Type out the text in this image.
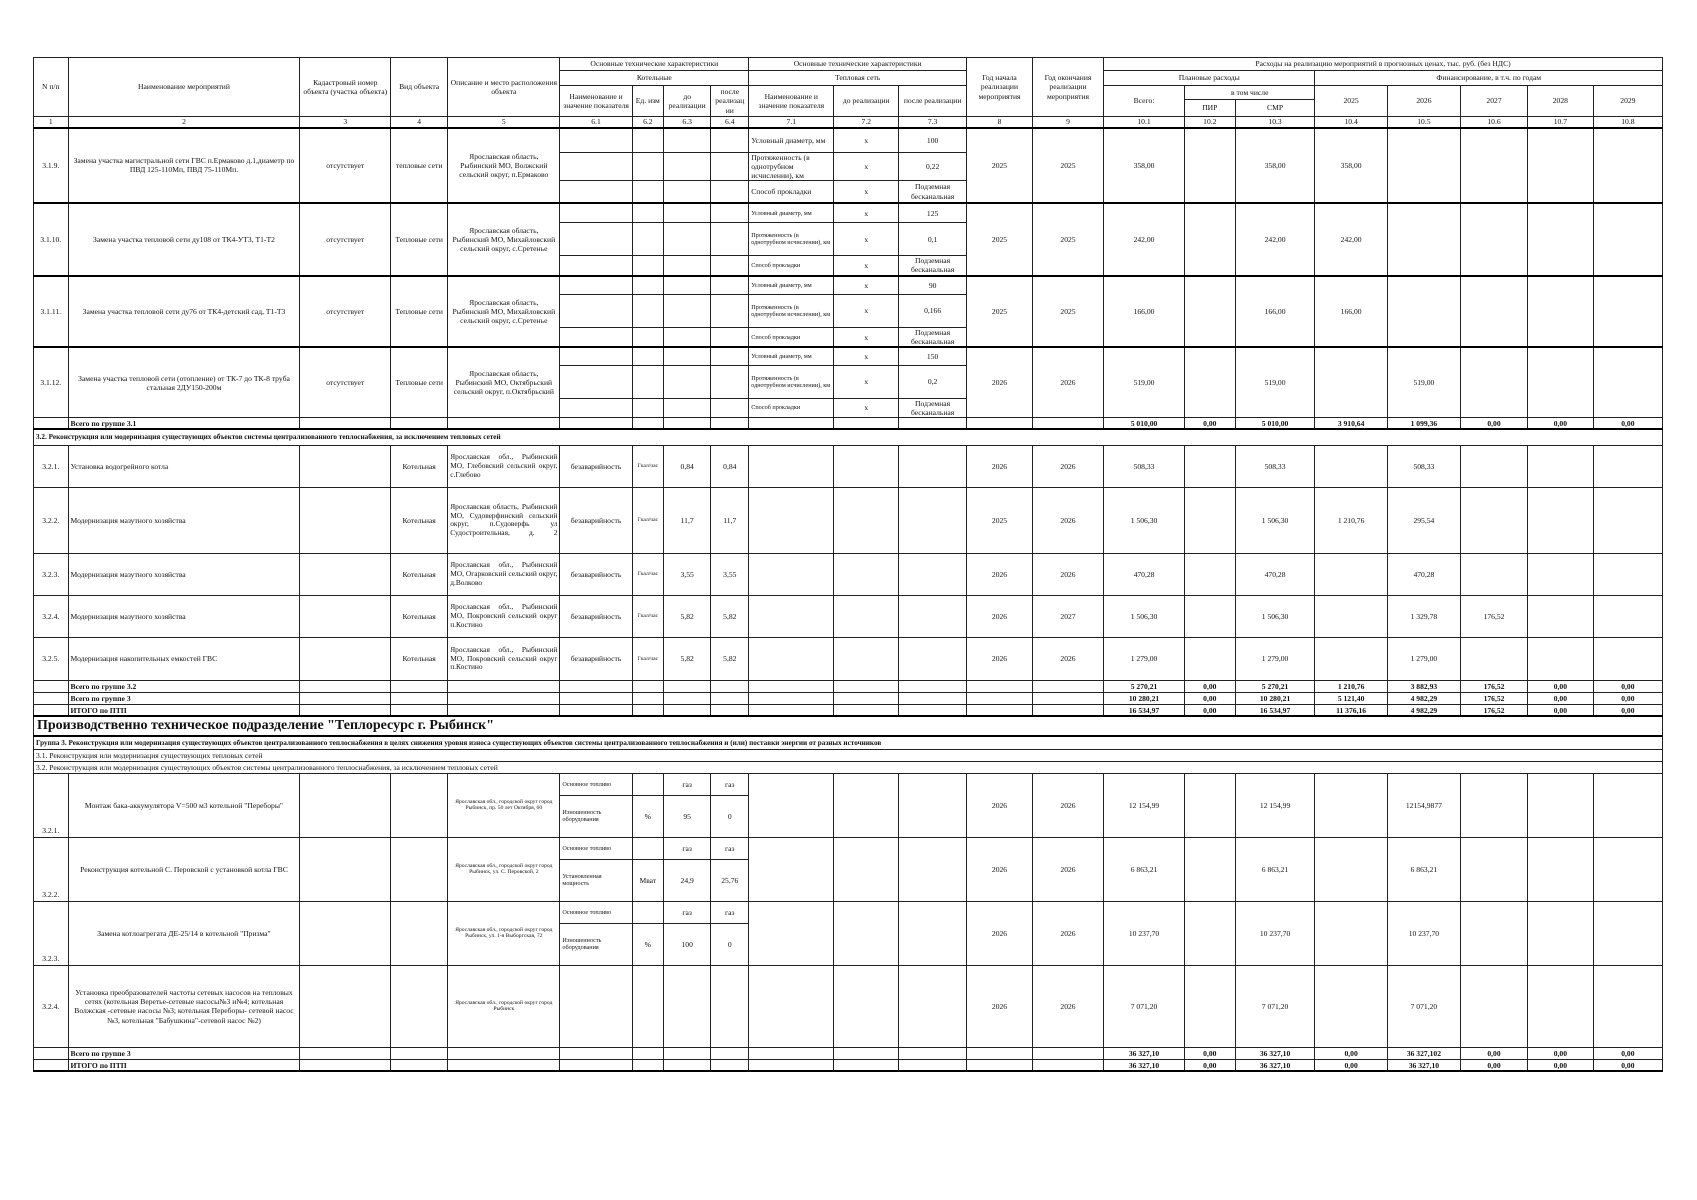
N п/п	Наименование мероприятий	Кадастровый номер объекта (участка объекта)	Вид объекта	Описание и место расположения объекта	Основные технические характеристики				Основные технические характеристики			Год начала реализации мероприятия	Год окончания реализации мероприятия	Расходы на реализацию мероприятий в прогнозных ценах, тыс. руб. (без НДС)							
					Котельные				Тепловая сеть					Плановые расходы			Финансирование, в т.ч. по годам				
					Наименование и значение показателя	Ед. изм	до реализации	после реализации	Наименование и значение показателя	до реализации	после реализации			Всего:	в том числе		2025	2026	2027	2028	2029
															ПИР	СМР					
1	2	3	4	5	6.1	6.2	6.3	6.4	7.1	7.2	7.3	8	9	10.1	10.2	10.3	10.4	10.5	10.6	10.7	10.8
3.1.9.	Замена участка магистральной сети ГВС п.Ермаково д.1,диаметр по ПВД 125-110Мп, ПВД 75-110Мп.	отсутствует	тепловые сети	Ярославская область, Рыбинский МО, Волжский сельский округ, п.Ермаково					Условный диаметр, мм	х	100	2025	2025	358,00		358,00	358,00				
									Протяженность (в однотрубном исчислении), км	х	0,22										
									Способ прокладки	х	Подземная бесканальная										
3.1.10.	Замена участка тепловой сети ду108 от ТК4-УТ3, Т1-Т2	отсутствует	Тепловые сети	Ярославская область, Рыбинский МО, Михайловский сельский округ, с.Сретенье					Условный диаметр, мм	х	125	2025	2025	242,00		242,00	242,00				
									Протяженность (в однотрубном исчислении), км	х	0,1										
									Способ прокладки	х	Подземная бесканальная										
3.1.11.	Замена участка тепловой сети ду76 от ТК4-детский сад, Т1-Т3	отсутствует	Тепловые сети	Ярославская область, Рыбинский МО, Михайловский сельский округ, с.Сретенье					Условный диаметр, мм	х	90	2025	2025	166,00		166,00	166,00				
									Протяженность (в однотрубном исчислении), км	х	0,166										
									Способ прокладки	х	Подземная бесканальная										
3.1.12.	Замена участка тепловой сети (отопление) от ТК-7 до ТК-8 труба стальная 2ДУ150-200м	отсутствует	Тепловые сети	Ярославская область, Рыбинский МО, Октябрьский сельский округ, п.Октябрьский					Условный диаметр, мм	х	150	2026	2026	519,00		519,00		519,00			
									Протяженность (в однотрубном исчислении), км	х	0,2										
									Способ прокладки	х	Подземная бесканальная										
	Всего по группе 3.1													5 010,00	0,00	5 010,00	3 910,64	1 099,36	0,00	0,00	0,00
3.2. Реконструкция или модернизация существующих объектов системы централизованного теплоснабжения, за исключением тепловых сетей																					
3.2.1.	Установка водогрейного котла		Котельная	Ярославская обл., Рыбинский МО, Глебовский сельский округ, с.Глебово	безаварийность	Гкал/час	0,84	0,84				2026	2026	508,33		508,33		508,33			
3.2.2.	Модернизация мазутного хозяйства		Котельная	Ярославская область, Рыбинский МО, Судоверфинский сельский округ, п.Судоверфь ул Судостроительная, д. 2	безаварийность	Гкал/час	11,7	11,7				2025	2026	1 506,30		1 506,30	1 210,76	295,54			
3.2.3.	Модернизация мазутного хозяйства		Котельная	Ярославская обл., Рыбинский МО, Огарковский сельский округ, д.Волково	безаварийность	Гкал/час	3,55	3,55				2026	2026	470,28		470,28		470,28			
3.2.4.	Модернизация мазутного хозяйства		Котельная	Ярославская обл., Рыбинский МО, Покровский сельский округ п.Костино	безаварийность	Гкал/час	5,82	5,82				2026	2027	1 506,30		1 506,30		1 329,78	176,52		
3.2.5.	Модернизация накопительных емкостей ГВС		Котельная	Ярославская обл., Рыбинский МО, Покровский сельский округ п.Костино	безаварийность	Гкал/час	5,82	5,82				2026	2026	1 279,00		1 279,00		1 279,00			
	Всего по группе 3.2													5 270,21	0,00	5 270,21	1 210,76	3 882,93	176,52	0,00	0,00
	Всего по группе 3													10 280,21	0,00	10 280,21	5 121,40	4 982,29	176,52	0,00	0,00
	ИТОГО по ПТП													16 534,97	0,00	16 534,97	11 376,16	4 982,29	176,52	0,00	0,00
Производственно техническое подразделение "Теплоресурс г. Рыбинск"																					
Группа 3. Реконструкция или модернизация существующих объектов централизованного теплоснабжения в целях снижения уровня износа существующих объектов системы централизованного теплоснабжения и (или) поставки энергии от разных источников																					
3.1. Реконструкция или модернизация существующих тепловых сетей																					
3.2. Реконструкция или модернизация существующих объектов системы централизованного теплоснабжения, за исключением тепловых сетей																					
3.2.1.	Монтаж бака-аккумулятора V=500 м3 котельной "Переборы"			Ярославская обл., городской округ город Рыбинск, пр. 50 лет Октября, 60	Основное топливо		газ	газ				2026	2026	12 154,99		12 154,99		12154,9877			
					Изношенность оборудования	%	95	0													
3.2.2.	Реконструкция котельной С. Перовской с установкой котла ГВС			Ярославская обл., городской округ город Рыбинск, ул. С. Перовской, 2	Основное топливо		газ	газ				2026	2026	6 863,21		6 863,21		6 863,21			
					Установленная мощность	Мват	24,9	25,76													
3.2.3.	Замена котлоагрегата ДЕ-25/14 в котельной "Призма"			Ярославская обл., городской округ город Рыбинск, ул. 1-я Выборгская, 72	Основное топливо		газ	газ				2026	2026	10 237,70		10 237,70		10 237,70			
					Изношенность оборудования	%	100	0													
3.2.4.	Установка преобразователей частоты сетевых насосов на тепловых сетях (котельная Веретье-сетевые насосы№3 и№4; котельная Волжская -сетевые насосы №3; котельная Переборы- сетевой насос №3, котельная "Бабушкина"-сетевой насос №2)			Ярославская обл., городской округ город Рыбинск								2026	2026	7 071,20		7 071,20		7 071,20			
	Всего по группе 3													36 327,10	0,00	36 327,10	0,00	36 327,102	0,00	0,00	0,00
	ИТОГО по ПТП													36 327,10	0,00	36 327,10	0,00	36 327,10	0,00	0,00	0,00
